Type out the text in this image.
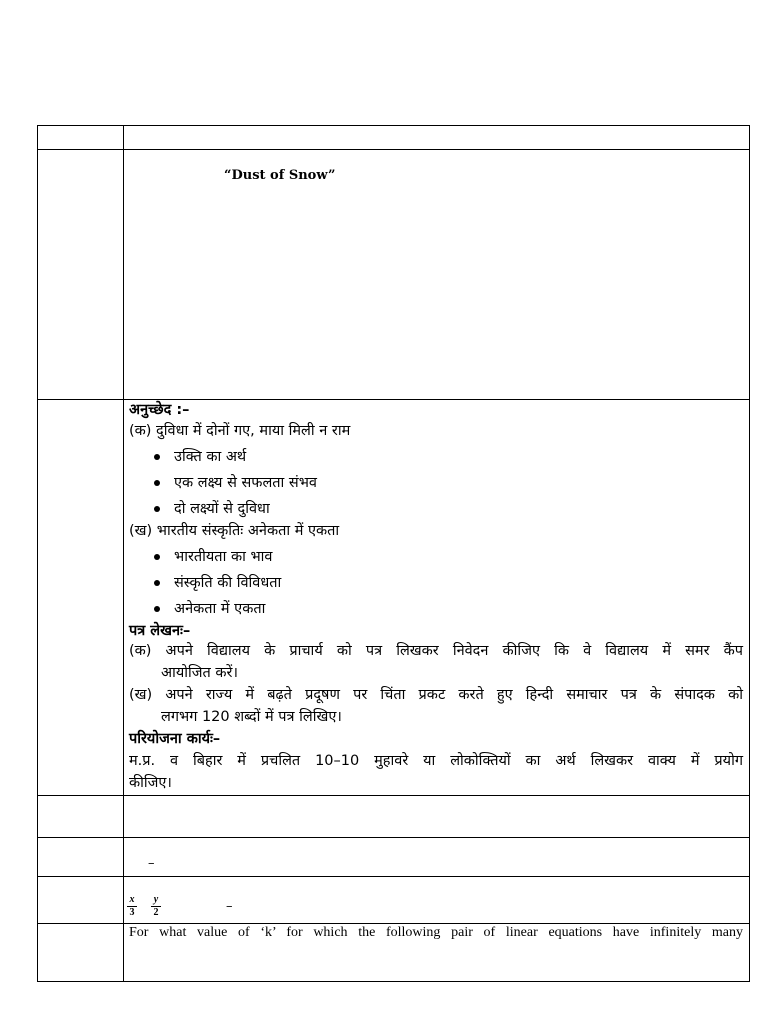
“Dust of Snow”
अनुच्छेद :–
(क) दुविधा में दोनों गए, माया मिली न राम
उक्ति का अर्थ
एक लक्ष्य से सफलता संभव
दो लक्ष्यों से दुविधा
(ख) भारतीय संस्कृतिः अनेकता में एकता
भारतीयता का भाव
संस्कृति की विविधता
अनेकता में एकता
पत्र लेखनः–
(क) अपने विद्यालय के प्राचार्य को पत्र लिखकर निवेदन कीजिए कि वे विद्यालय में समर कैंप
आयोजित करें।
(ख) अपने राज्य में बढ़ते प्रदूषण पर चिंता प्रकट करते हुए हिन्दी समाचार पत्र के संपादक को
लगभग 120 शब्दों में पत्र लिखिए।
परियोजना कार्यः–
म.प्र. व बिहार में प्रचलित 10–10 मुहावरे या लोकोक्तियों का अर्थ लिखकर वाक्य में प्रयोग
कीजिए।
–
x
3
y
2	–
For what value of ‘k’ for which the following pair of linear equations have infinitely many
